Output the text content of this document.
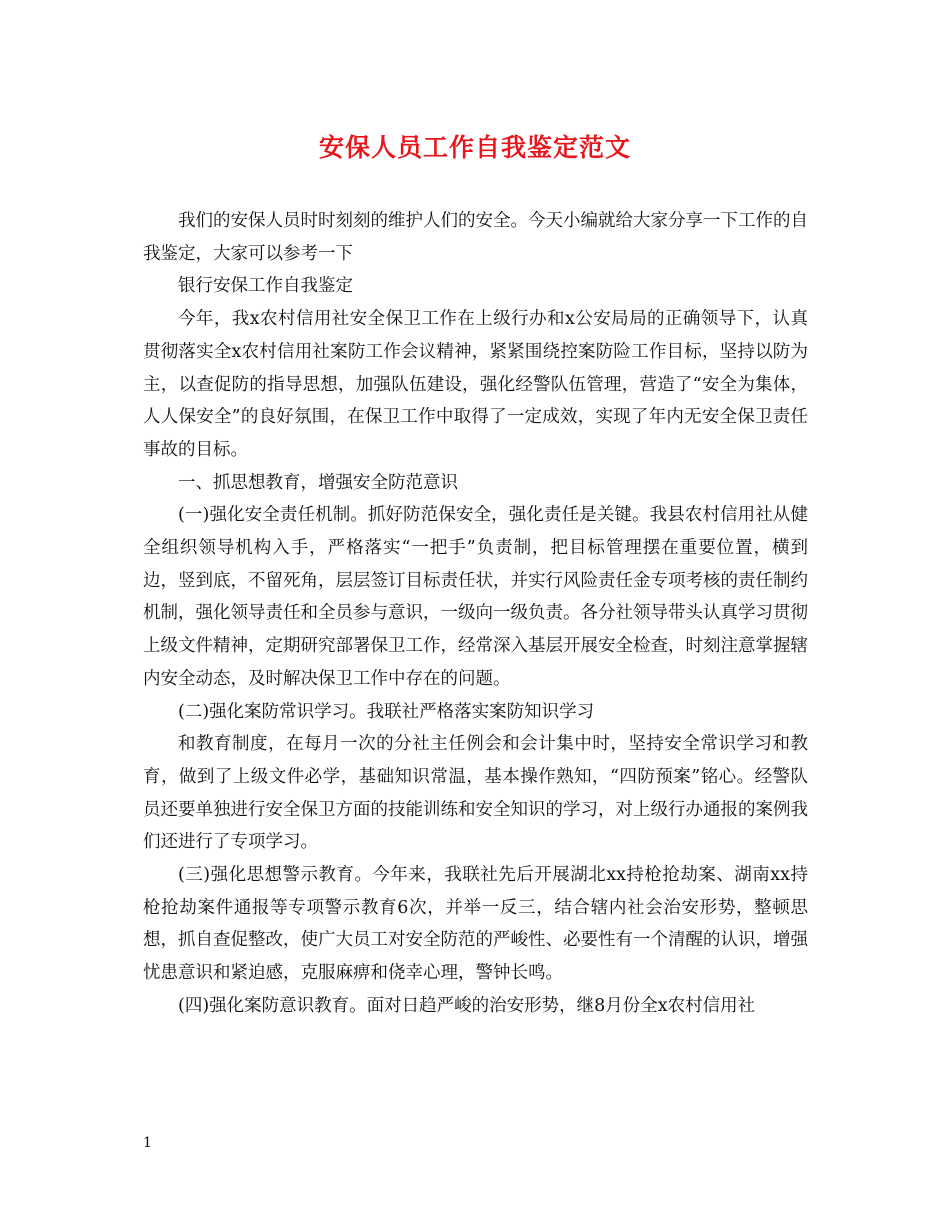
安保人员工作自我鉴定范文

我们的安保人员时时刻刻的维护人们的安全。今天小编就给大家分享一下工作的自我鉴定，大家可以参考一下

银行安保工作自我鉴定

今年，我x农村信用社安全保卫工作在上级行办和x公安局局的正确领导下，认真贯彻落实全x农村信用社案防工作会议精神，紧紧围绕控案防险工作目标，坚持以防为主，以查促防的指导思想，加强队伍建设，强化经警队伍管理，营造了“安全为集体，人人保安全”的良好氛围，在保卫工作中取得了一定成效，实现了年内无安全保卫责任事故的目标。

一、抓思想教育，增强安全防范意识

(一)强化安全责任机制。抓好防范保安全，强化责任是关键。我县农村信用社从健全组织领导机构入手，严格落实“一把手”负责制，把目标管理摆在重要位置，横到边，竖到底，不留死角，层层签订目标责任状，并实行风险责任金专项考核的责任制约机制，强化领导责任和全员参与意识，一级向一级负责。各分社领导带头认真学习贯彻上级文件精神，定期研究部署保卫工作，经常深入基层开展安全检查，时刻注意掌握辖内安全动态，及时解决保卫工作中存在的问题。

(二)强化案防常识学习。我联社严格落实案防知识学习

和教育制度，在每月一次的分社主任例会和会计集中时，坚持安全常识学习和教育，做到了上级文件必学，基础知识常温，基本操作熟知，“四防预案”铭心。经警队员还要单独进行安全保卫方面的技能训练和安全知识的学习，对上级行办通报的案例我们还进行了专项学习。

(三)强化思想警示教育。今年来，我联社先后开展湖北xx持枪抢劫案、湖南xx持枪抢劫案件通报等专项警示教育6次，并举一反三，结合辖内社会治安形势，整顿思想，抓自查促整改，使广大员工对安全防范的严峻性、必要性有一个清醒的认识，增强忧患意识和紧迫感，克服麻痹和侥幸心理，警钟长鸣。

(四)强化案防意识教育。面对日趋严峻的治安形势，继8月份全x农村信用社

1
